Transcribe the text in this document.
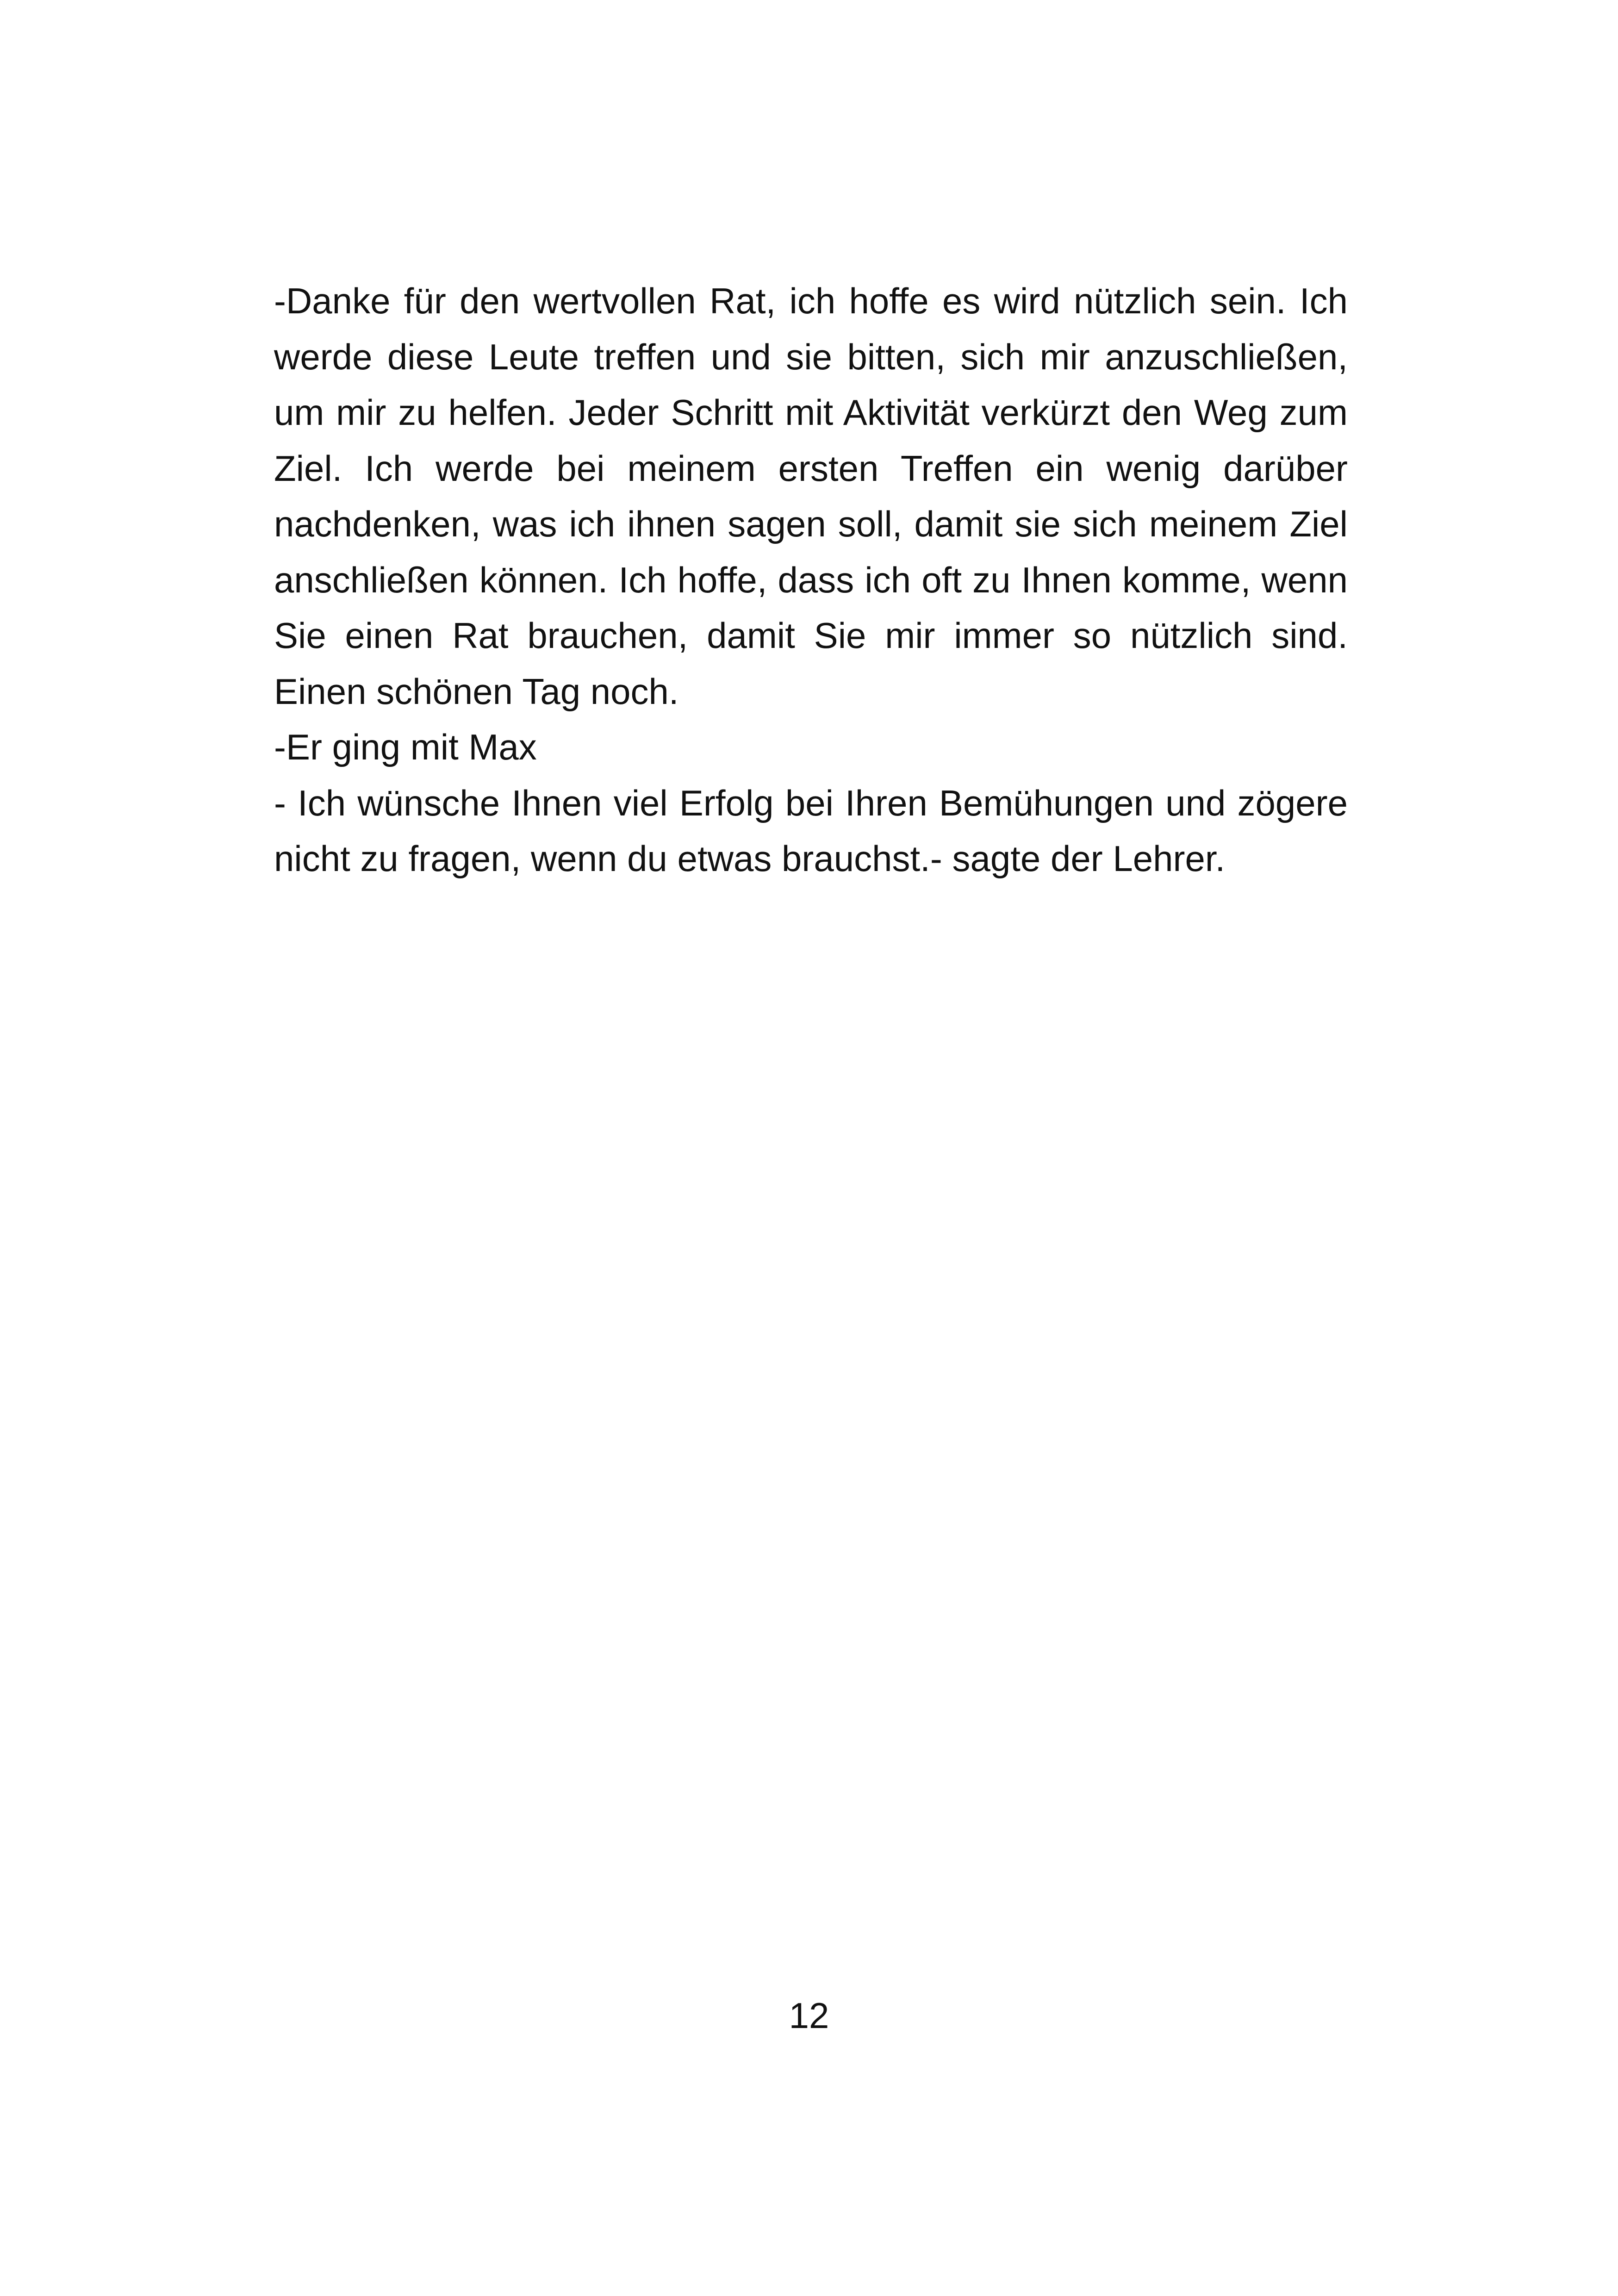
-Danke für den wertvollen Rat, ich hoffe es wird nützlich sein. Ich werde diese Leute treffen und sie bitten, sich mir anzuschließen, um mir zu helfen. Jeder Schritt mit Aktivität verkürzt den Weg zum Ziel. Ich werde bei meinem ersten Treffen ein wenig darüber nachdenken, was ich ihnen sagen soll, damit sie sich meinem Ziel anschließen können. Ich hoffe, dass ich oft zu Ihnen komme, wenn Sie einen Rat brauchen, damit Sie mir immer so nützlich sind. Einen schönen Tag noch.

-Er ging mit Max

- Ich wünsche Ihnen viel Erfolg bei Ihren Bemühungen und zögere nicht zu fragen, wenn du etwas brauchst.- sagte der Lehrer.

12
